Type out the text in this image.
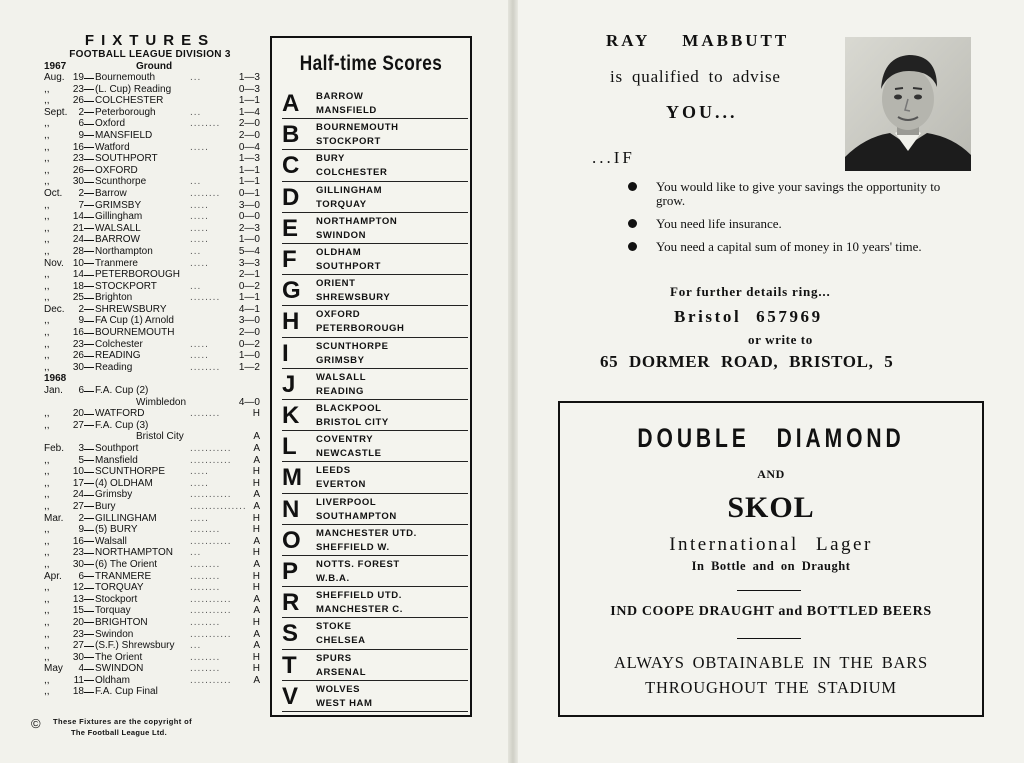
FIXTURES
FOOTBALL LEAGUE DIVISION 3
1967	Ground
Aug. 19 Bournemouth	...	1—3
,,	23 (L. Cup) Reading	0—3
,,	26 COLCHESTER	1—1
Sept.	2 Peterborough	...	1—4
,,	6 Oxford	........ 2—0
,,	9 MANSFIELD	2—0
,,	16 Watford	.....	0—4
,,	23 SOUTHPORT	1—3
,,	26 OXFORD	1—1
,,	30 Scunthorpe	...	1—1
Oct.	2 Barrow	........ 0—1
,,	7 GRIMSBY	.....	3—0
,,	14 Gillingham	.....	0—0
,,	21 WALSALL	.....	2—3
,,	24 BARROW	.....	1—0
,,	28 Northampton	...	5—4
Nov. 10 Tranmere	.....	3—3
,,	14 PETERBOROUGH	2—1
,,	18 STOCKPORT	...	0—2
,,	25 Brighton	........ 1—1
Dec.	2 SHREWSBURY	4—1
,,	9 FA Cup (1) Arnold	3—0
,,	16 BOURNEMOUTH	2—0
,,	23 Colchester	.....	0—2
,,	26 READING	.....	1—0
,,	30 Reading	........ 1—2
1968
Jan.	6 F.A. Cup (2)
Wimbledon	4—0
,,	20 WATFORD	........	H
,,	27 F.A. Cup (3)
Bristol City	A
Feb.	3 Southport	........... A
,,	5 Mansfield	........... A
,,	10 SCUNTHORPE .....	H
,,	17 (4) OLDHAM	.....	H
,,	24 Grimsby	........... A
,,	27 Bury	............... A
Mar.	2 GILLINGHAM	.....	H
,,	9 (5) BURY	........	H
,,	16 Walsall	........... A
,,	23 NORTHAMPTON ...	H
,,	30 (6) The Orient	........	A
Apr.	6 TRANMERE	........	H
,,	12 TORQUAY	........	H
,,	13 Stockport	........... A
,,	15 Torquay	........... A
,,	20 BRIGHTON	........	H
,,	23 Swindon	........... A
,,	27 (S.F.) Shrewsbury ...	A
,,	30 The Orient	........	H
May	4 SWINDON	........	H
,,	11 Oldham	........... A
,,	18 F.A. Cup Final
©	These Fixtures are the copyright of
The Football League Ltd.
Half-time Scores
A BARROW
MANSFIELD
B BOURNEMOUTH
STOCKPORT
C BURY
COLCHESTER
D GILLINGHAM
TORQUAY
E NORTHAMPTON
SWINDON
F OLDHAM
SOUTHPORT
G ORIENT
SHREWSBURY
H OXFORD
PETERBOROUGH
I	SCUNTHORPE
GRIMSBY
J WALSALL
READING
K BLACKPOOL
BRISTOL CITY
L COVENTRY
NEWCASTLE
M LEEDS
EVERTON
N LIVERPOOL
SOUTHAMPTON
O MANCHESTER UTD.
SHEFFIELD W.
P NOTTS. FOREST
W.B.A.
R SHEFFIELD UTD.
MANCHESTER C.
S STOKE
CHELSEA
T SPURS
ARSENAL
V WOLVES
WEST HAM
RAY MABBUTT
is qualified to advise
YOU...
...IF
You would like to give your savings the opportunity to grow.
You need life insurance.
You need a capital sum of money in 10 years' time.
For further details ring...
Bristol 657969
or write to
65 DORMER ROAD, BRISTOL, 5
DOUBLE DIAMOND
AND
SKOL
International Lager
In Bottle and on Draught
IND COOPE DRAUGHT and BOTTLED BEERS
ALWAYS OBTAINABLE IN THE BARS
THROUGHOUT THE STADIUM
